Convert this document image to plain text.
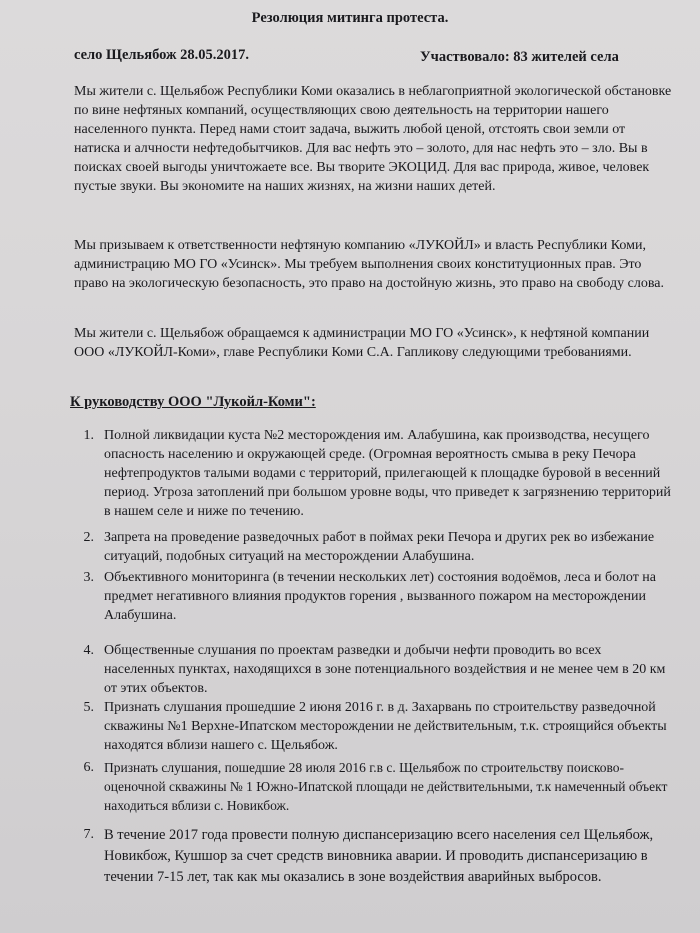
Резолюция митинга протеста.
село Щельябож 28.05.2017.	Участвовало: 83 жителей села

Мы жители с. Щельябож Республики Коми оказались в неблагоприятной экологической обстановке по вине нефтяных компаний, осуществляющих свою деятельность на территории нашего населенного пункта. Перед нами стоит задача, выжить любой ценой, отстоять свои земли от натиска и алчности нефтедобытчиков. Для вас нефть это – золото, для нас нефть это – зло. Вы в поисках своей выгоды уничтожаете все. Вы творите ЭКОЦИД. Для вас природа, живое, человек пустые звуки. Вы экономите на наших жизнях, на жизни наших детей.

Мы призываем к ответственности нефтяную компанию «ЛУКОЙЛ» и власть Республики Коми, администрацию МО ГО «Усинск». Мы требуем выполнения своих конституционных прав. Это право на экологическую безопасность, это право на достойную жизнь, это право на свободу слова.

Мы жители с. Щельябож обращаемся к администрации МО ГО «Усинск», к нефтяной компании ООО «ЛУКОЙЛ-Коми», главе Республики Коми С.А. Гапликову следующими требованиями.

К руководству ООО "Лукойл-Коми":
1. Полной ликвидации куста №2 месторождения им. Алабушина, как производства, несущего опасность населению и окружающей среде. (Огромная вероятность смыва в реку Печора нефтепродуктов талыми водами с территорий, прилегающей к площадке буровой в весенний период. Угроза затоплений при большом уровне воды, что приведет к загрязнению территорий в нашем селе и ниже по течению.
2. Запрета на проведение разведочных работ в поймах реки Печора и других рек во избежание ситуаций, подобных ситуаций на месторождении Алабушина.
3. Объективного мониторинга (в течении нескольких лет) состояния водоёмов, леса и болот на предмет негативного влияния продуктов горения , вызванного пожаром на месторождении Алабушина.
4. Общественные слушания по проектам разведки и добычи нефти проводить во всех населенных пунктах, находящихся в зоне потенциального воздействия и не менее чем в 20 км от этих объектов.
5. Признать слушания прошедшие 2 июня 2016 г. в д. Захарвань по строительству разведочной скважины №1 Верхне-Ипатском месторождении не действительным, т.к. строящийся объекты находятся вблизи нашего с. Щельябож.
6. Признать слушания, пошедшие 28 июля 2016 г.в с. Щельябож по строительству поисково-оценочной скважины № 1 Южно-Ипатской площади не действительными, т.к намеченный объект находиться вблизи с. Новикбож.
7. В течение 2017 года провести полную диспансеризацию всего населения сел Щельябож, Новикбож, Кушшор за счет средств виновника аварии. И проводить диспансеризацию в течении 7-15 лет, так как мы оказались в зоне воздействия аварийных выбросов.
